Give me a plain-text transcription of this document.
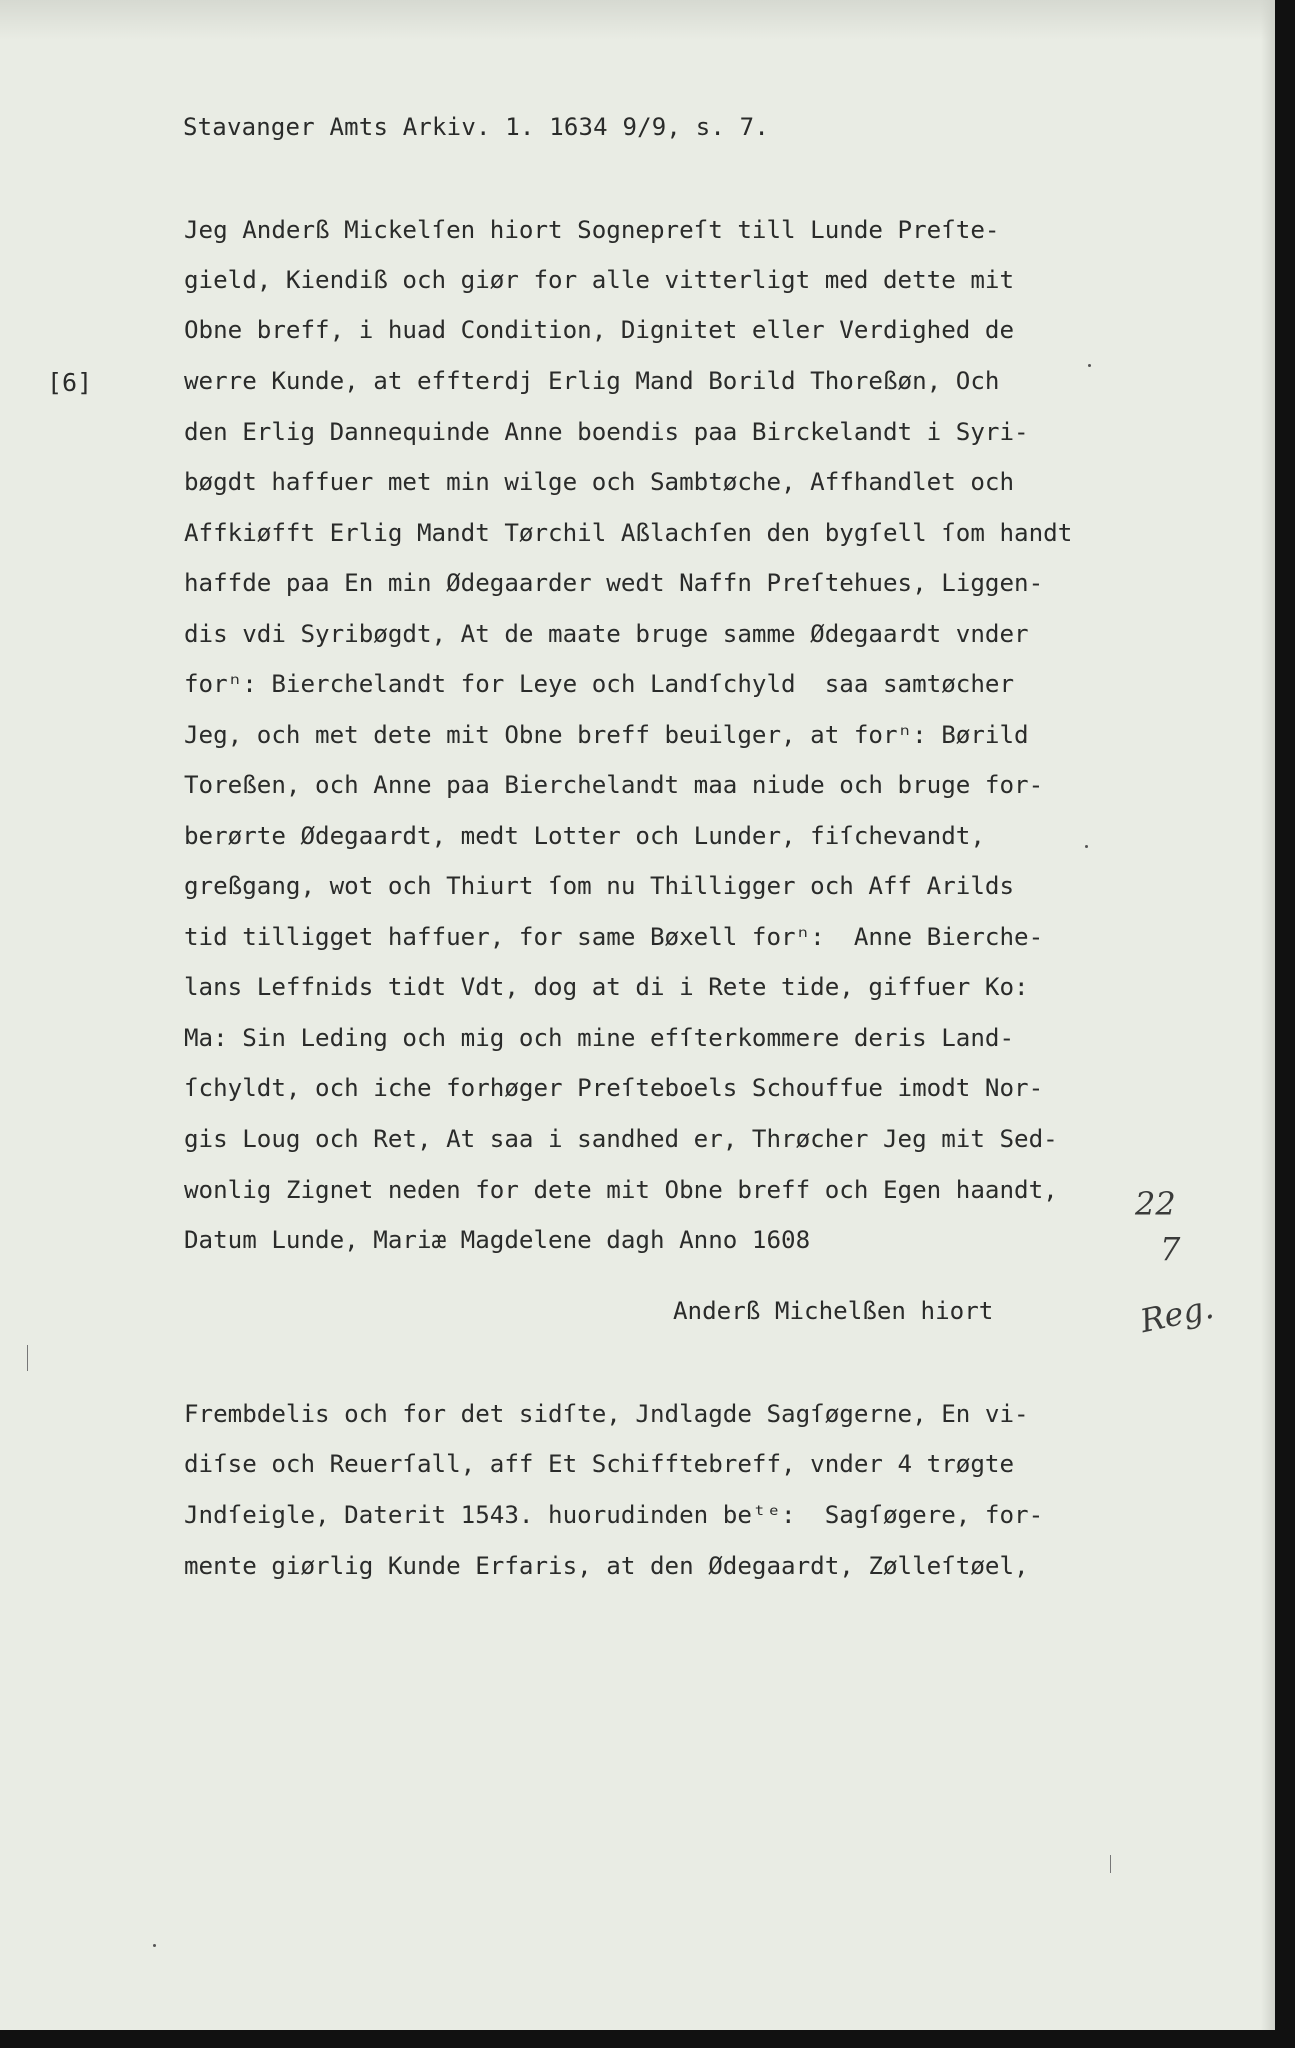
Stavanger Amts Arkiv. 1. 1634 9/9, s. 7.
[6]
Jeg Anderß Mickelſen hiort Sognepreſt till Lunde Preſte-
gield, Kiendiß och giør for alle vitterligt med dette mit
Obne breff, i huad Condition, Dignitet eller Verdighed de
werre Kunde, at effterdj Erlig Mand Borild Thoreßøn, Och
den Erlig Dannequinde Anne boendis paa Birckelandt i Syri-
bøgdt haffuer met min wilge och Sambtøche, Affhandlet och
Affkiøfft Erlig Mandt Tørchil Aßlachſen den bygſell ſom handt
haffde paa En min Ødegaarder wedt Naffn Preſtehues, Liggen-
dis vdi Syribøgdt, At de maate bruge samme Ødegaardt vnder
forⁿ: Bierchelandt for Leye och Landſchyld  saa samtøcher
Jeg, och met dete mit Obne breff beuilger, at forⁿ: Børild
Toreßen, och Anne paa Bierchelandt maa niude och bruge for-
berørte Ødegaardt, medt Lotter och Lunder, fiſchevandt,
greßgang, wot och Thiurt ſom nu Thilligger och Aff Arilds
tid tilligget haffuer, for same Bøxell forⁿ:  Anne Bierche-
lans Leffnids tidt Vdt, dog at di i Rete tide, giffuer Ko:
Ma: Sin Leding och mig och mine efſterkommere deris Land-
ſchyldt, och iche forhøger Preſteboels Schouffue imodt Nor-
gis Loug och Ret, At saa i sandhed er, Thrøcher Jeg mit Sed-
wonlig Zignet neden for dete mit Obne breff och Egen haandt,
Datum Lunde, Mariæ Magdelene dagh Anno 1608
Frembdelis och for det sidſte, Jndlagde Sagſøgerne, En vi-
diſse och Reuerſall, aff Et Schifftebreff, vnder 4 trøgte
Jndſeigle, Daterit 1543. huorudinden beᵗᵉ:  Sagſøgere, for-
mente giørlig Kunde Erfaris, at den Ødegaardt, Zølleſtøel,
Anderß Michelßen hiort
22
7
Reg.
